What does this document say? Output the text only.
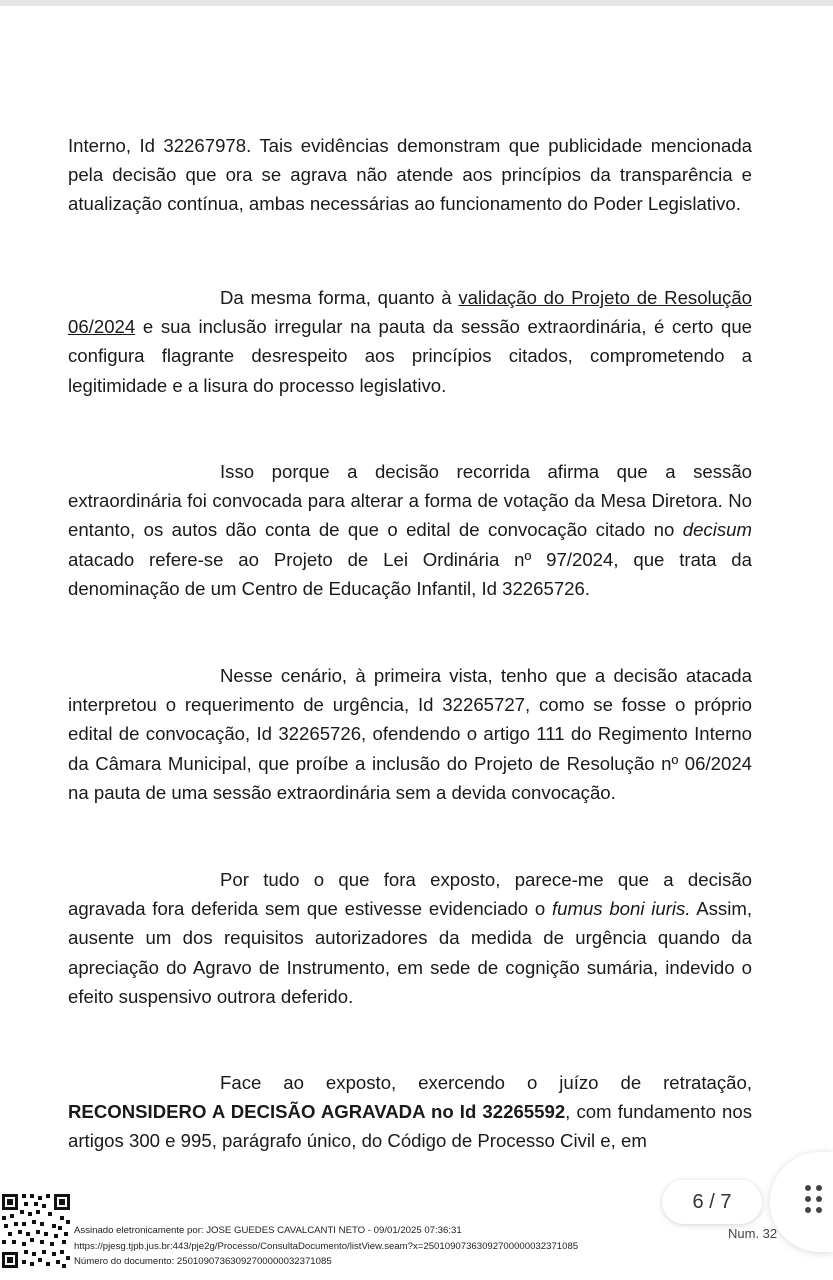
Interno, Id 32267978. Tais evidências demonstram que publicidade mencionada pela decisão que ora se agrava não atende aos princípios da transparência e atualização contínua, ambas necessárias ao funcionamento do Poder Legislativo.

Da mesma forma, quanto à validação do Projeto de Resolução 06/2024 e sua inclusão irregular na pauta da sessão extraordinária, é certo que configura flagrante desrespeito aos princípios citados, comprometendo a legitimidade e a lisura do processo legislativo.

Isso porque a decisão recorrida afirma que a sessão extraordinária foi convocada para alterar a forma de votação da Mesa Diretora. No entanto, os autos dão conta de que o edital de convocação citado no decisum atacado refere-se ao Projeto de Lei Ordinária nº 97/2024, que trata da denominação de um Centro de Educação Infantil, Id 32265726.

Nesse cenário, à primeira vista, tenho que a decisão atacada interpretou o requerimento de urgência, Id 32265727, como se fosse o próprio edital de convocação, Id 32265726, ofendendo o artigo 111 do Regimento Interno da Câmara Municipal, que proíbe a inclusão do Projeto de Resolução nº 06/2024 na pauta de uma sessão extraordinária sem a devida convocação.

Por tudo o que fora exposto, parece-me que a decisão agravada fora deferida sem que estivesse evidenciado o fumus boni iuris. Assim, ausente um dos requisitos autorizadores da medida de urgência quando da apreciação do Agravo de Instrumento, em sede de cognição sumária, indevido o efeito suspensivo outrora deferido.

Face ao exposto, exercendo o juízo de retratação, RECONSIDERO A DECISÃO AGRAVADA no Id 32265592, com fundamento nos artigos 300 e 995, parágrafo único, do Código de Processo Civil e, em

Assinado eletronicamente por: JOSE GUEDES CAVALCANTI NETO - 09/01/2025 07:36:31
https://pjesg.tjpb.jus.br:443/pje2g/Processo/ConsultaDocumento/listView.seam?x=25010907363092700000032371085
Número do documento: 25010907363092700000032371085
Num. 32
6 / 7
